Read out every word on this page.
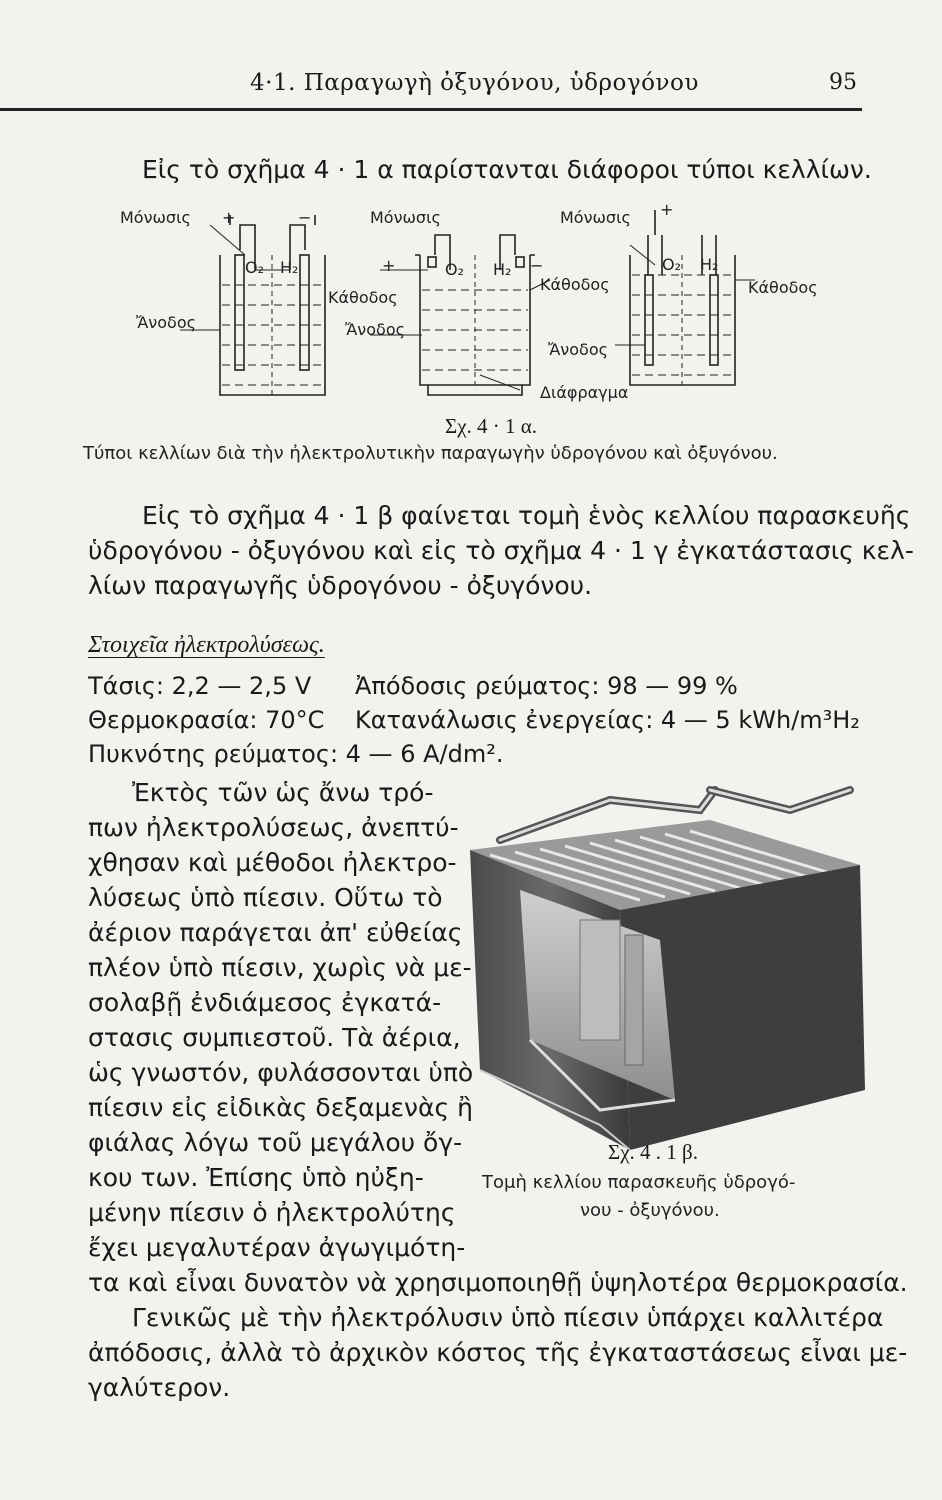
4·1. Παραγωγὴ ὀξυγόνου, ὑδρογόνου	95
Εἰς τὸ σχῆμα 4 · 1 α παρίστανται διάφοροι τύποι κελλίων.
Μόνωσις +	−
O₂ H₂
Κάθοδος
Ἄνοδος
Μόνωσις
+	−
O₂ H₂
Κάθοδος
Ἄνοδος
Ἄνοδος
Διάφραγμα
Μόνωσις +
O₂ H₂
Κάθοδος
Σχ. 4 · 1 α.
Τύποι κελλίων διὰ τὴν ἠλεκτρολυτικὴν παραγωγὴν ὑδρογόνου καὶ ὀξυγόνου.
Εἰς τὸ σχῆμα 4 · 1 β φαίνεται τομὴ ἑνὸς κελλίου παρασκευῆς
ὑδρογόνου - ὀξυγόνου καὶ εἰς τὸ σχῆμα 4 · 1 γ ἐγκατάστασις κελ-
λίων παραγωγῆς ὑδρογόνου - ὀξυγόνου.
Στοιχεῖα ἠλεκτρολύσεως.
Τάσις: 2,2 — 2,5 V Ἀπόδοσις ρεύματος: 98 — 99 %
Θερμοκρασία: 70°C Κατανάλωσις ἐνεργείας: 4 — 5 kWh/m³H₂
Πυκνότης ρεύματος: 4 — 6 A/dm².
Ἐκτὸς τῶν ὡς ἄνω τρό-
πων ἠλεκτρολύσεως, ἀνεπτύ-
χθησαν καὶ μέθοδοι ἠλεκτρο-
λύσεως ὑπὸ πίεσιν. Οὕτω τὸ
ἀέριον παράγεται ἀπ' εὐθείας
πλέον ὑπὸ πίεσιν, χωρὶς νὰ με-
σολαβῇ ἐνδιάμεσος ἐγκατά-
στασις συμπιεστοῦ. Τὰ ἀέρια,
ὡς γνωστόν, φυλάσσονται ὑπὸ
πίεσιν εἰς εἰδικὰς δεξαμενὰς ἢ
φιάλας λόγω τοῦ μεγάλου ὄγ-
κου των. Ἐπίσης ὑπὸ ηὐξη-
μένην πίεσιν ὁ ἠλεκτρολύτης
ἔχει μεγαλυτέραν ἀγωγιμότη-
Σχ. 4 . 1 β.
Τομὴ κελλίου παρασκευῆς ὑδρογό-
νου - ὀξυγόνου.
τα καὶ εἶναι δυνατὸν νὰ χρησιμοποιηθῇ ὑψηλοτέρα θερμοκρασία.
Γενικῶς μὲ τὴν ἠλεκτρόλυσιν ὑπὸ πίεσιν ὑπάρχει καλλιτέρα
ἀπόδοσις, ἀλλὰ τὸ ἀρχικὸν κόστος τῆς ἐγκαταστάσεως εἶναι με-
γαλύτερον.
